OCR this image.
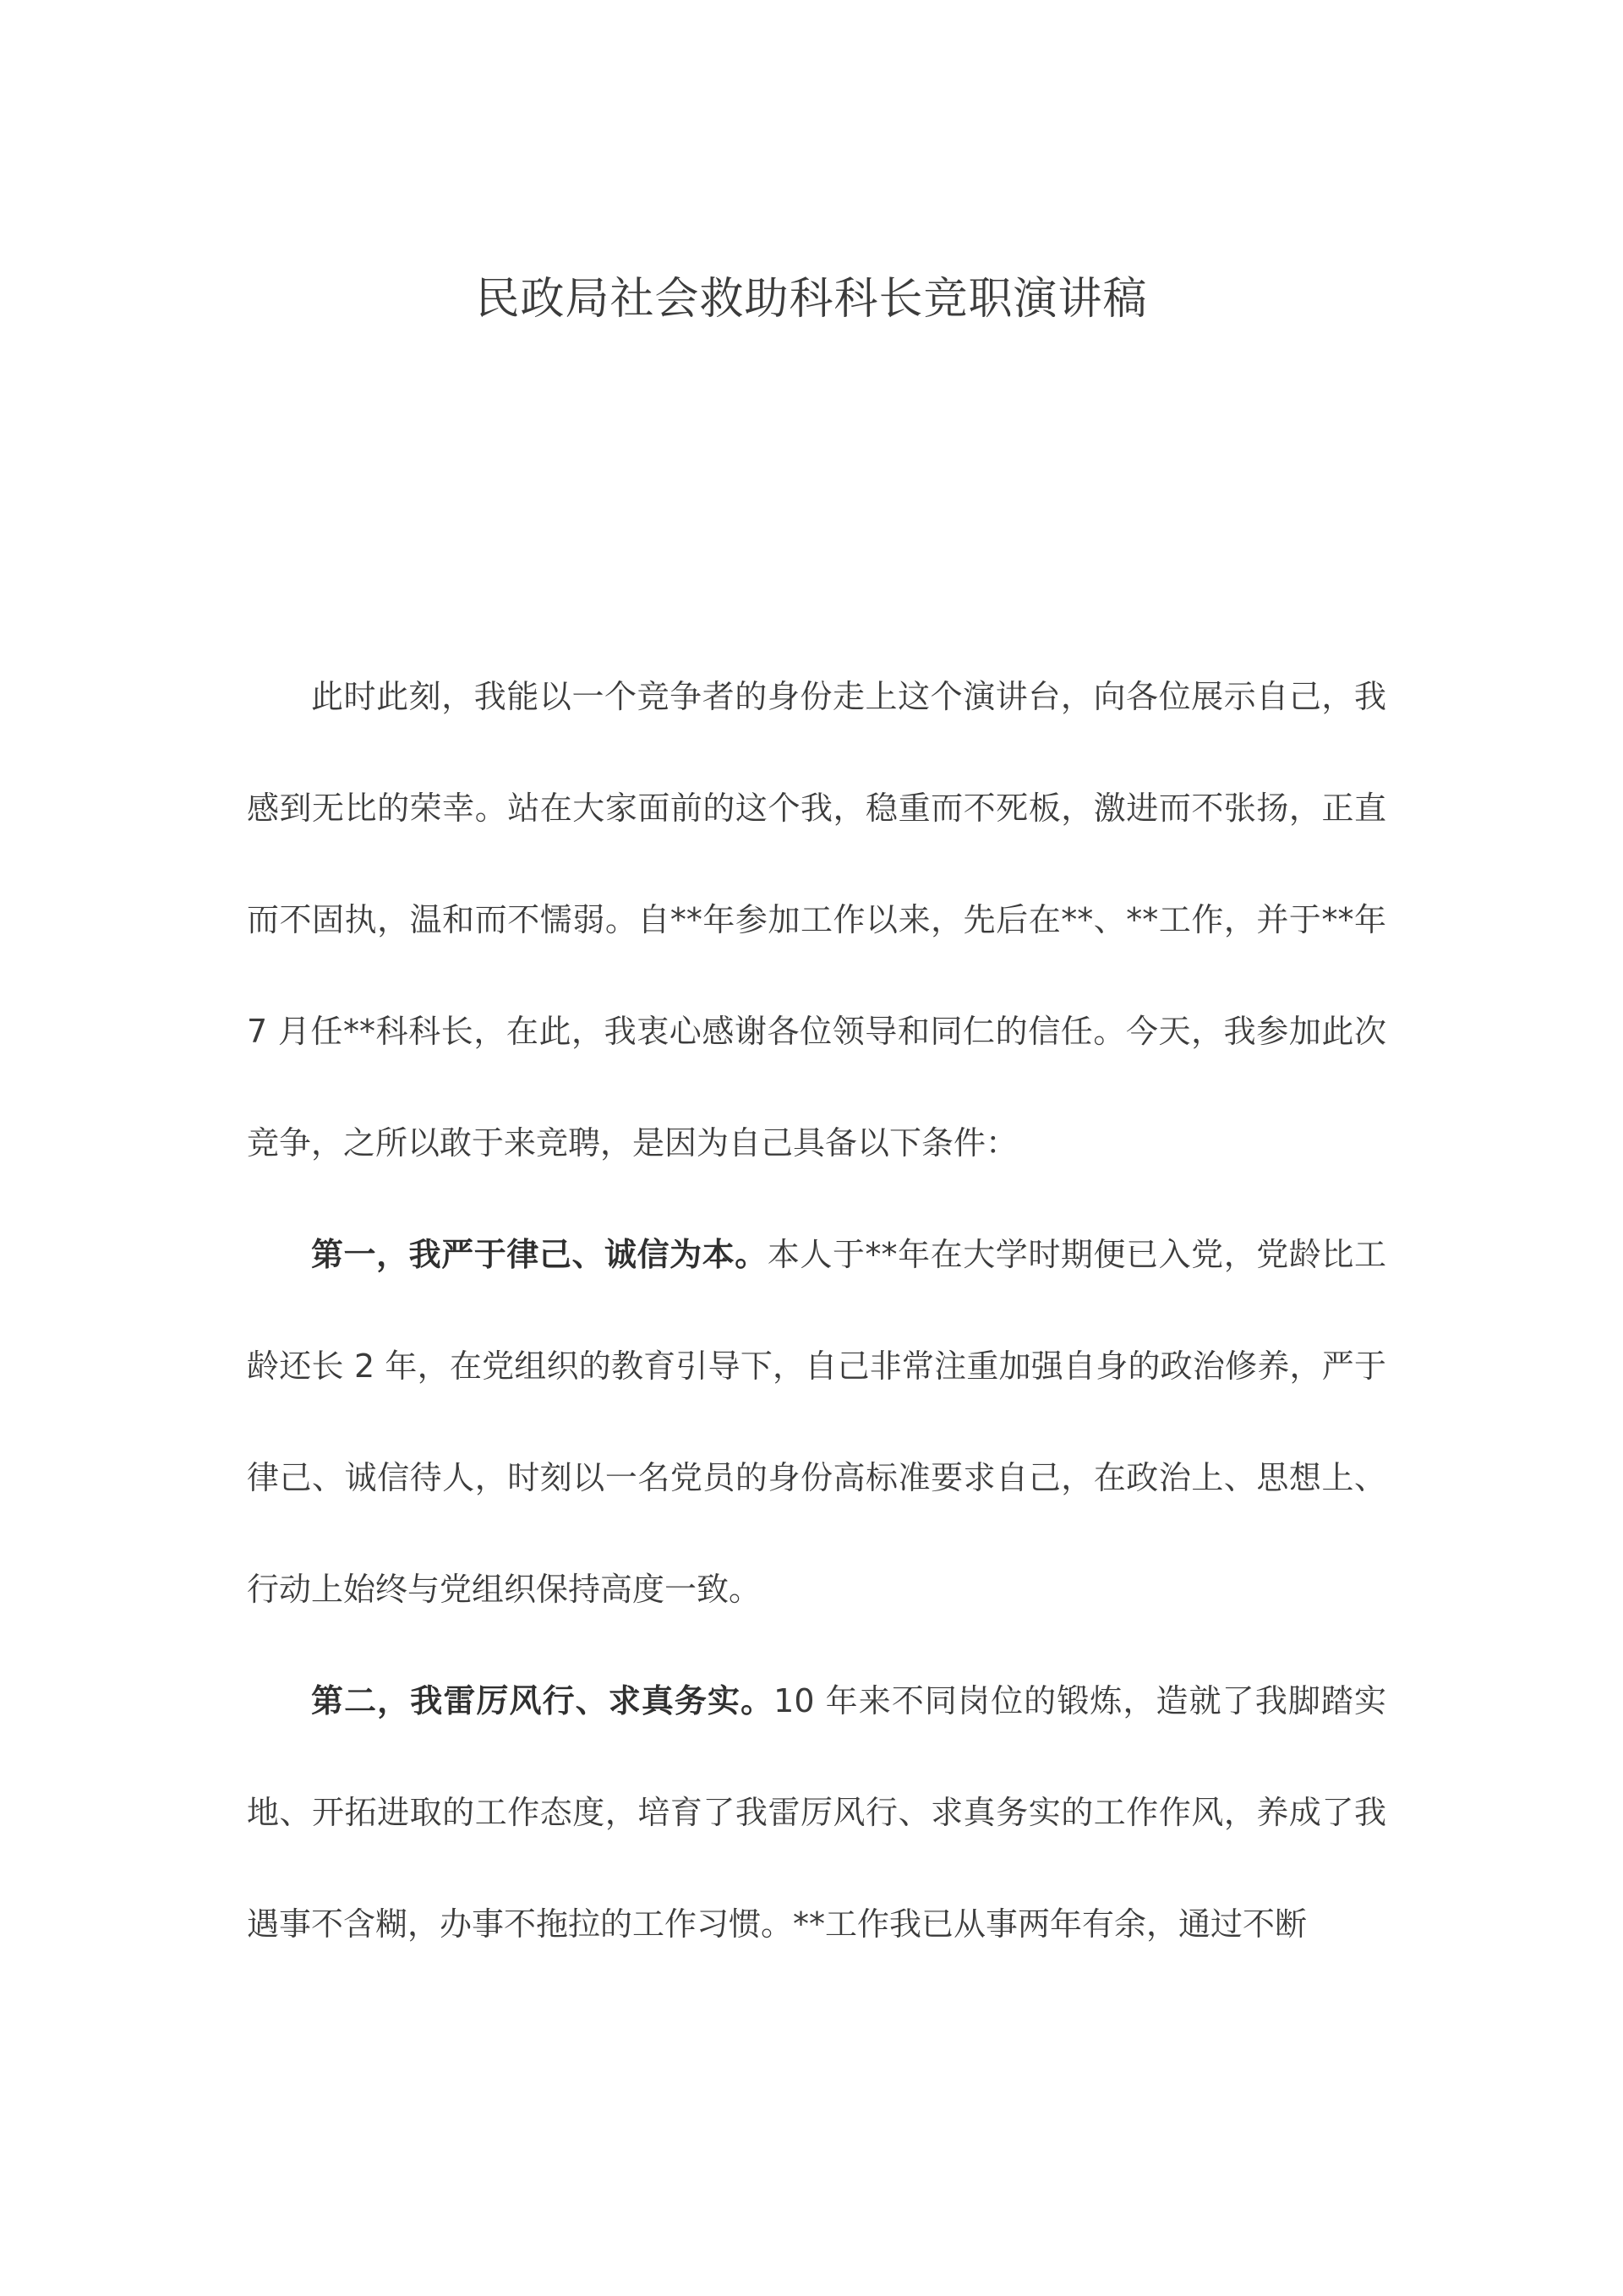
民政局社会救助科科长竞职演讲稿

此时此刻，我能以一个竞争者的身份走上这个演讲台，向各位展示自己，我感到无比的荣幸。站在大家面前的这个我，稳重而不死板，激进而不张扬，正直而不固执，温和而不懦弱。自**年参加工作以来，先后在**、**工作，并于**年 7 月任**科科长，在此，我衷心感谢各位领导和同仁的信任。今天，我参加此次竞争，之所以敢于来竞聘，是因为自己具备以下条件：

第一，我严于律己、诚信为本。本人于**年在大学时期便已入党，党龄比工龄还长 2 年，在党组织的教育引导下，自己非常注重加强自身的政治修养，严于律己、诚信待人，时刻以一名党员的身份高标准要求自己，在政治上、思想上、行动上始终与党组织保持高度一致。

第二，我雷厉风行、求真务实。10 年来不同岗位的锻炼，造就了我脚踏实地、开拓进取的工作态度，培育了我雷厉风行、求真务实的工作作风，养成了我遇事不含糊，办事不拖拉的工作习惯。**工作我已从事两年有余，通过不断
